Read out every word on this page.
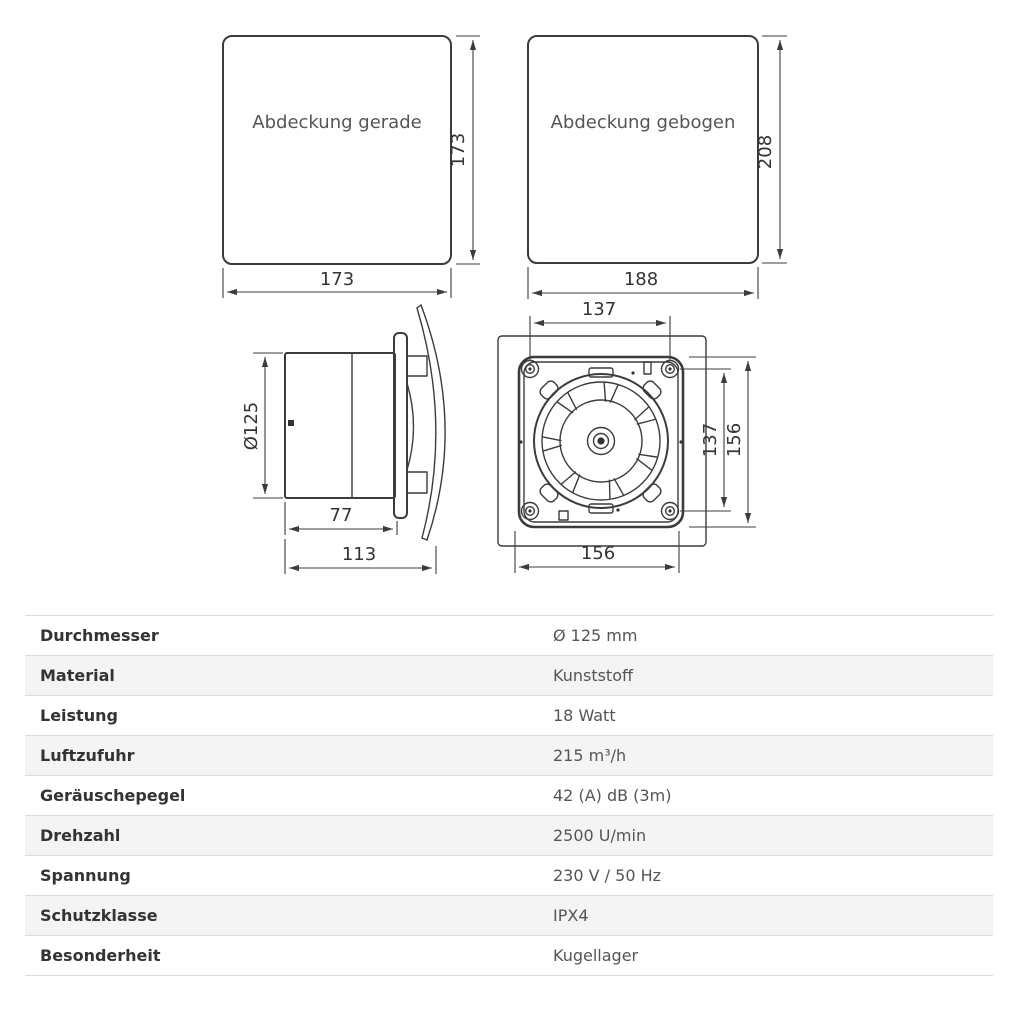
Abdeckung gerade
173
173
Abdeckung gebogen
208
188
Ø125
77
113
137
156
137 156
Durchmesser	Ø 125 mm
Material	Kunststoff
Leistung	18 Watt
Luftzufuhr	215 m³/h
Geräuschepegel	42 (A) dB (3m)
Drehzahl	2500 U/min
Spannung	230 V / 50 Hz
Schutzklasse	IPX4
Besonderheit	Kugellager
